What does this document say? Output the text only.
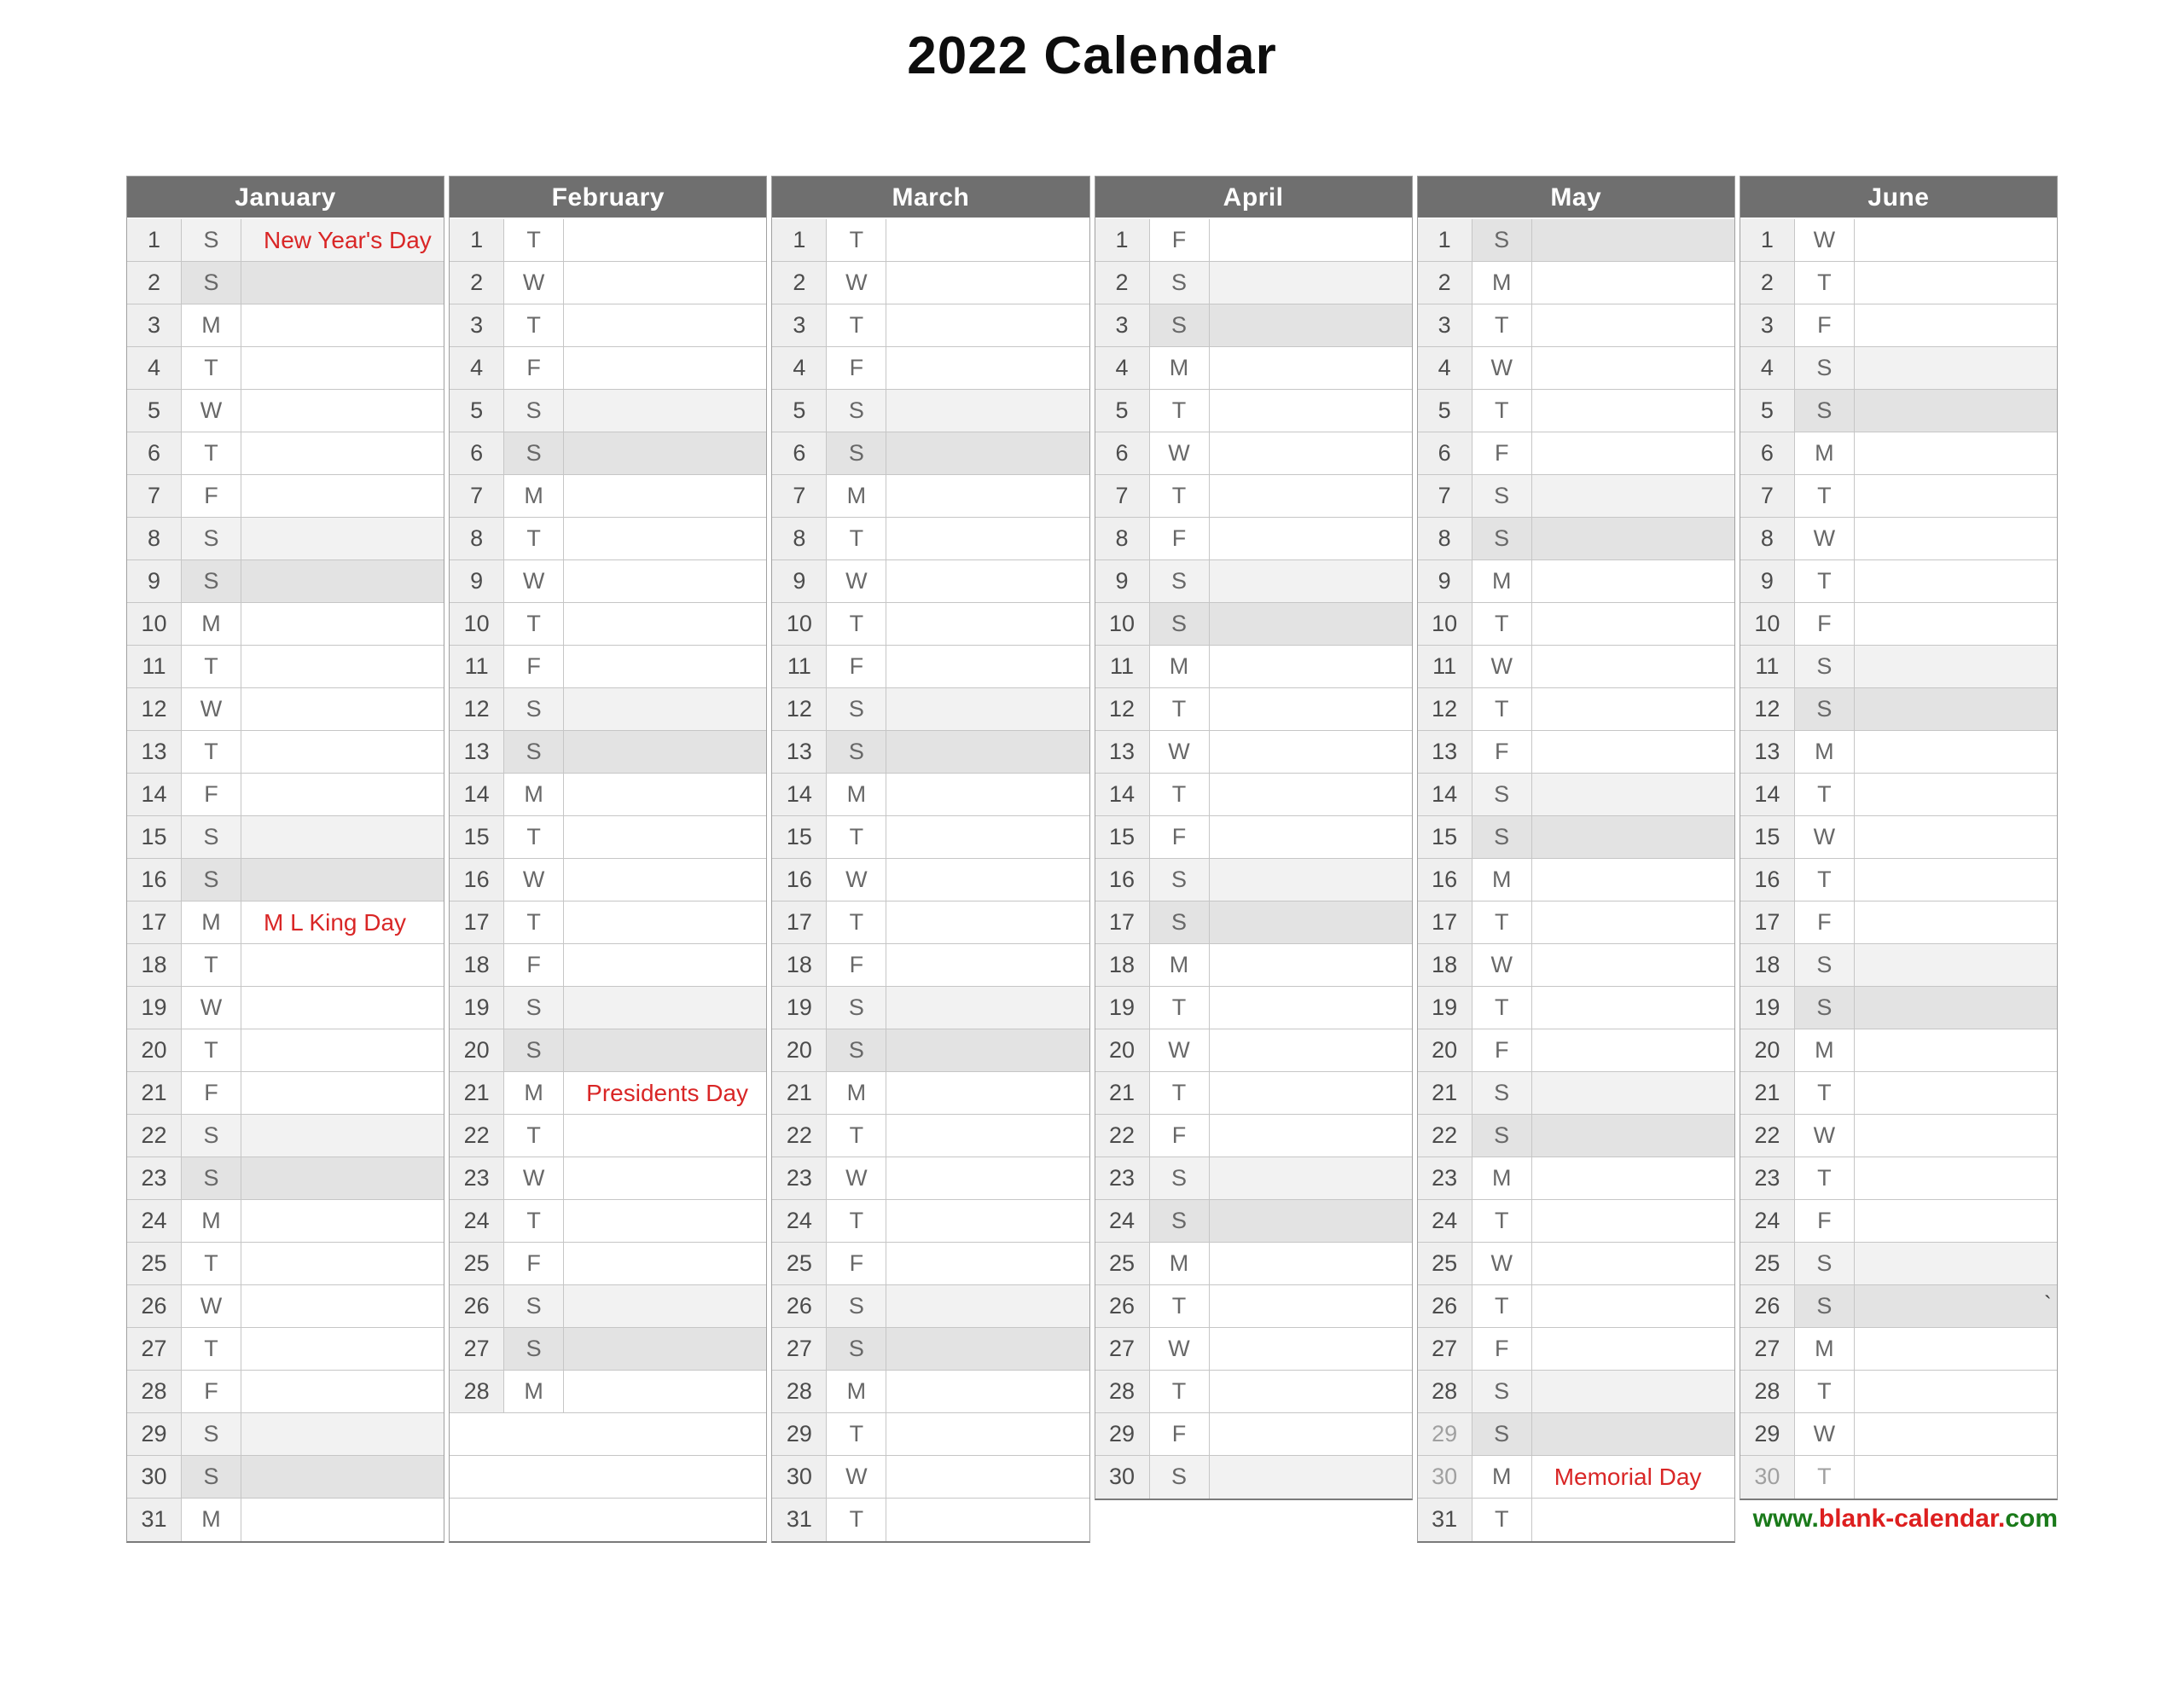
2022 Calendar
January
1	S	New Year's Day
2	S
3	M
4	T
5	W
6	T
7	F
8	S
9	S
10	M
11	T
12	W
13	T
14	F
15	S
16	S
17	M	M L King Day
18	T
19	W
20	T
21	F
22	S
23	S
24	M
25	T
26	W
27	T
28	F
29	S
30	S
31	M
February
1	T
2	W
3	T
4	F
5	S
6	S
7	M
8	T
9	W
10	T
11	F
12	S
13	S
14	M
15	T
16	W
17	T
18	F
19	S
20	S
21	M	Presidents Day
22	T
23	W
24	T
25	F
26	S
27	S
28	M
March
1	T
2	W
3	T
4	F
5	S
6	S
7	M
8	T
9	W
10	T
11	F
12	S
13	S
14	M
15	T
16	W
17	T
18	F
19	S
20	S
21	M
22	T
23	W
24	T
25	F
26	S
27	S
28	M
29	T
30	W
31	T
April
1	F
2	S
3	S
4	M
5	T
6	W
7	T
8	F
9	S
10	S
11	M
12	T
13	W
14	T
15	F
16	S
17	S
18	M
19	T
20	W
21	T
22	F
23	S
24	S
25	M
26	T
27	W
28	T
29	F
30	S
May
1	S
2	M
3	T
4	W
5	T
6	F
7	S
8	S
9	M
10	T
11	W
12	T
13	F
14	S
15	S
16	M
17	T
18	W
19	T
20	F
21	S
22	S
23	M
24	T
25	W
26	T
27	F
28	S
29	S
30	M	Memorial Day
31	T
June
1	W
2	T
3	F
4	S
5	S
6	M
7	T
8	W
9	T
10	F
11	S
12	S
13	M
14	T
15	W
16	T
17	F
18	S
19	S
20	M
21	T
22	W
23	T
24	F
25	S
26	S
27	M
28	T
29	W
30	T
www.blank-calendar.com
`
